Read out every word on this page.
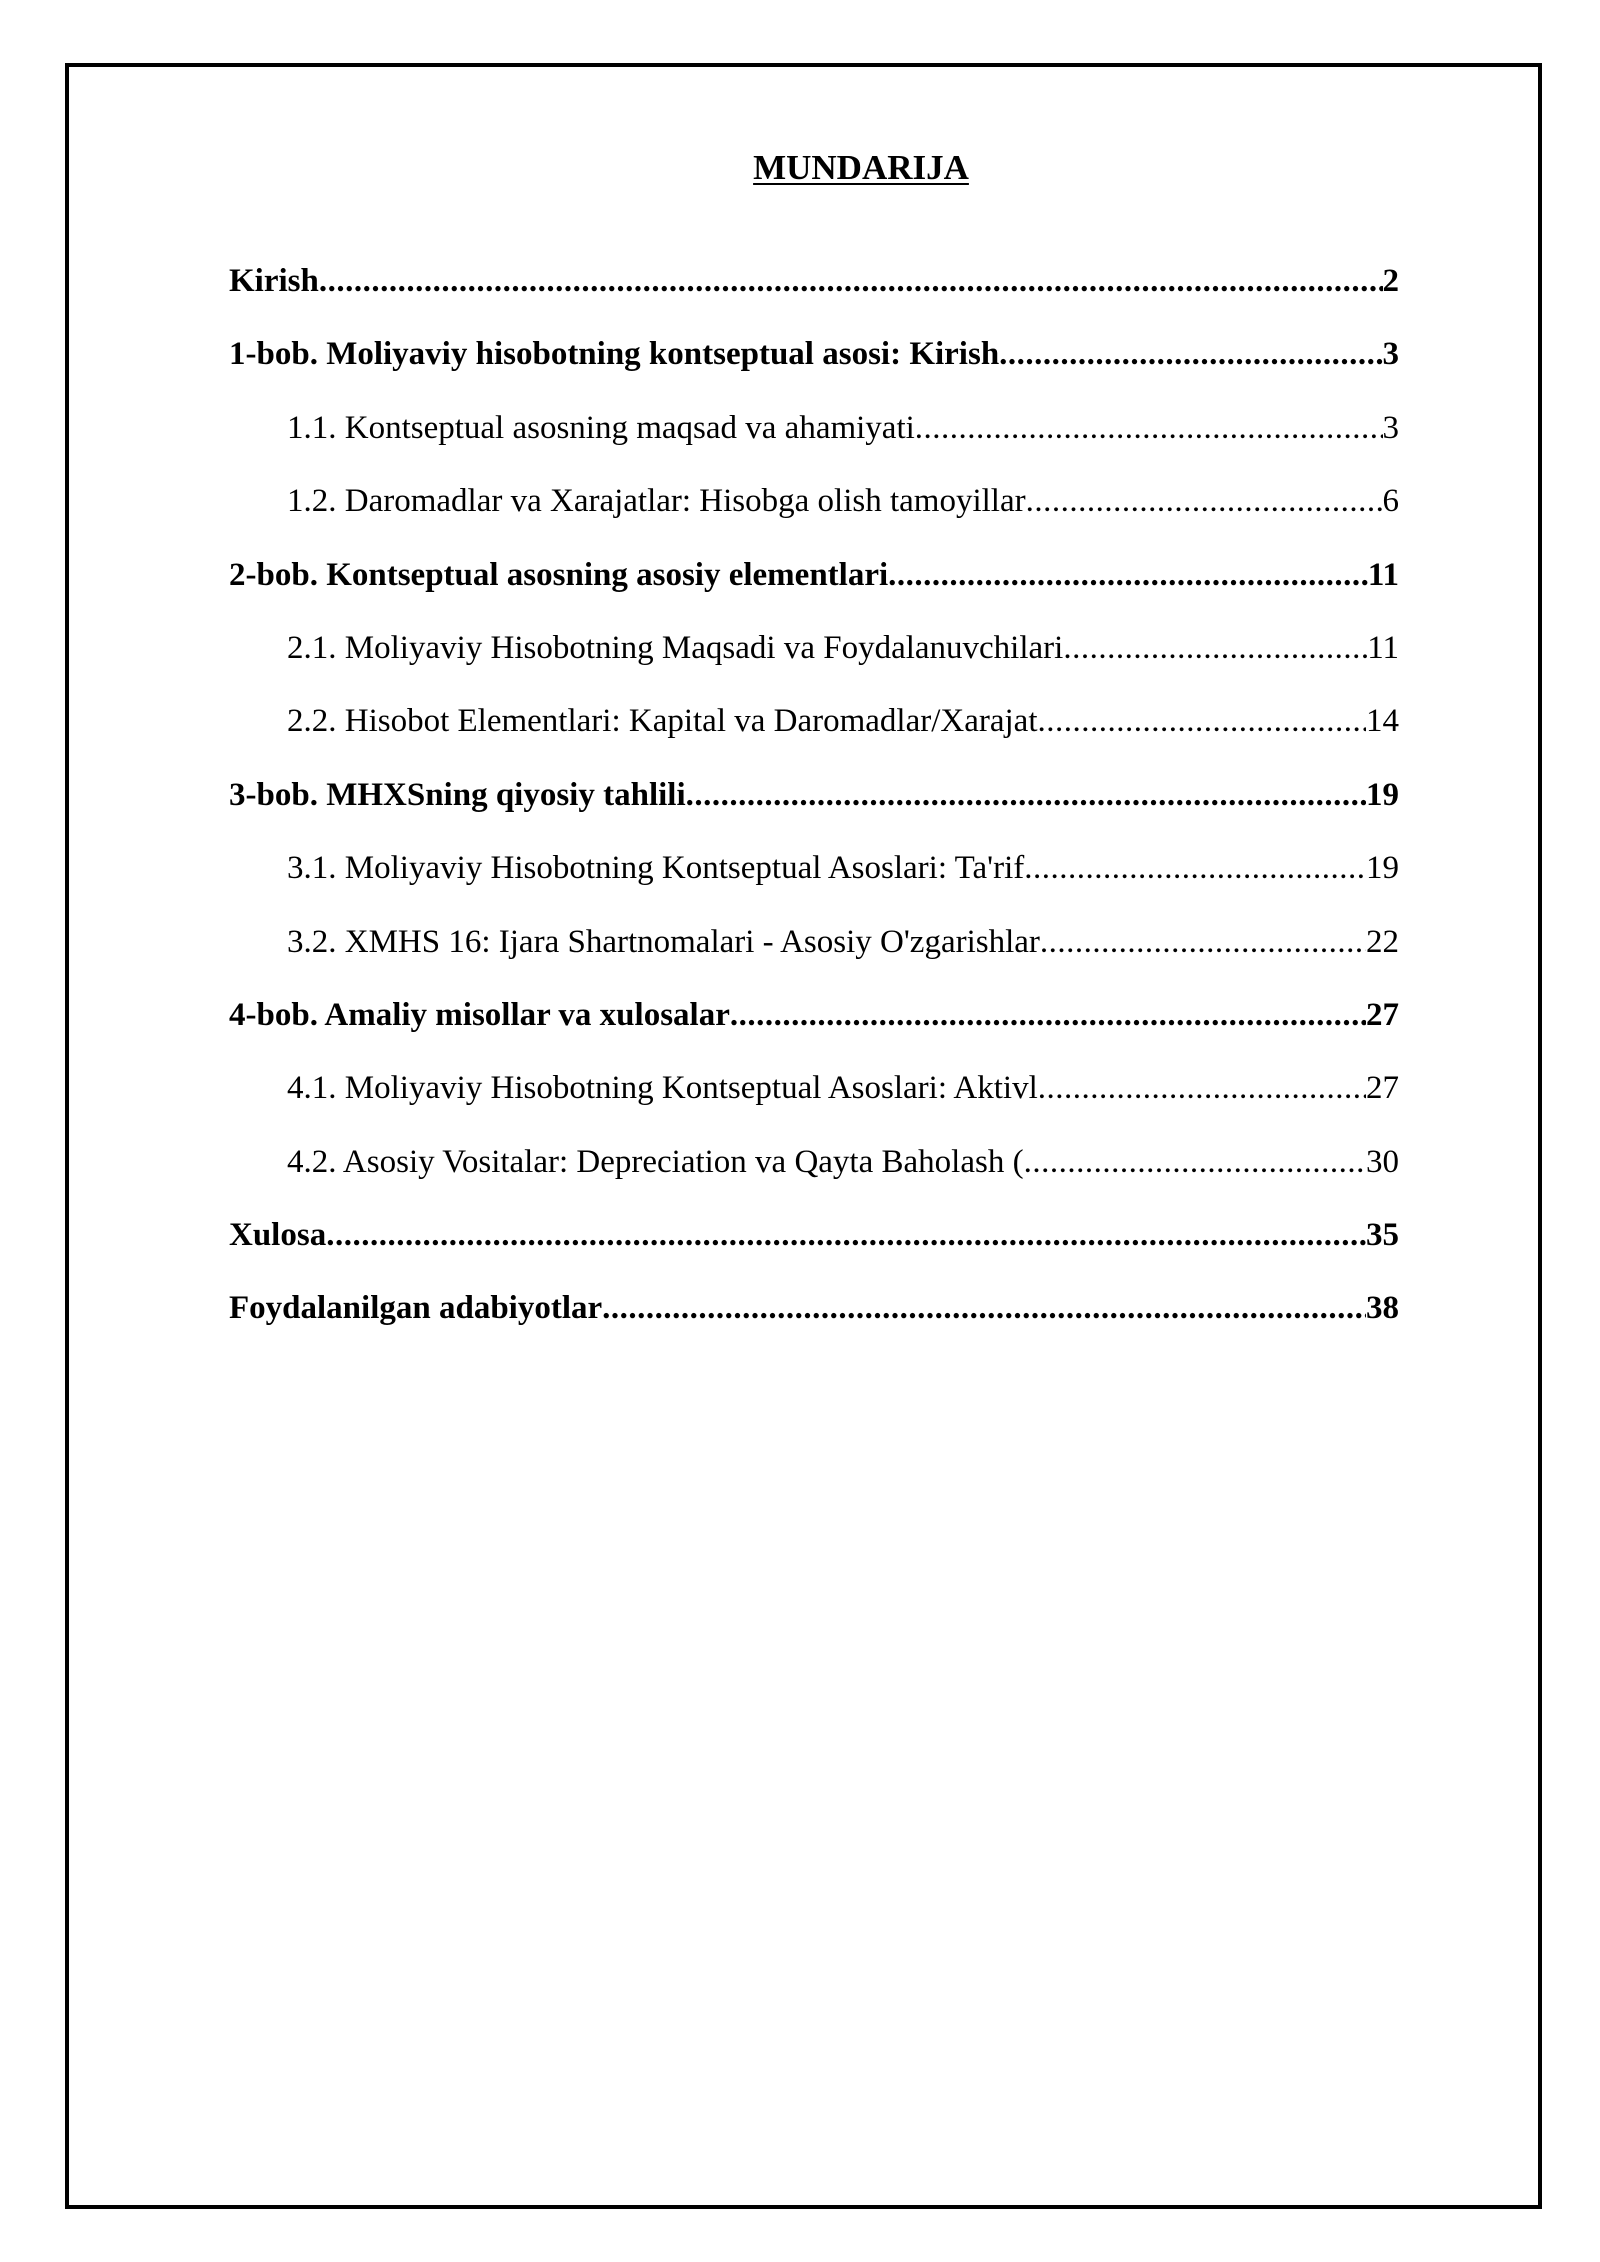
MUNDARIJA
Kirish .....	2
1-bob. Moliyaviy hisobotning kontseptual asosi: Kirish .....	3
1.1. Kontseptual asosning maqsad va ahamiyati .....	3
1.2. Daromadlar va Xarajatlar: Hisobga olish tamoyillar .....	6
2-bob. Kontseptual asosning asosiy elementlari .....	11
2.1. Moliyaviy Hisobotning Maqsadi va Foydalanuvchilari .....	11
2.2. Hisobot Elementlari: Kapital va Daromadlar/Xarajat .....	14
3-bob. MHXSning qiyosiy tahlili .....	19
3.1. Moliyaviy Hisobotning Kontseptual Asoslari: Ta'rif .....	19
3.2. XMHS 16: Ijara Shartnomalari - Asosiy O'zgarishlar .....	22
4-bob. Amaliy misollar va xulosalar .....	27
4.1. Moliyaviy Hisobotning Kontseptual Asoslari: Aktivl .....	27
4.2. Asosiy Vositalar: Depreciation va Qayta Baholash ( .....	30
Xulosa .....	35
Foydalanilgan adabiyotlar .....	38
